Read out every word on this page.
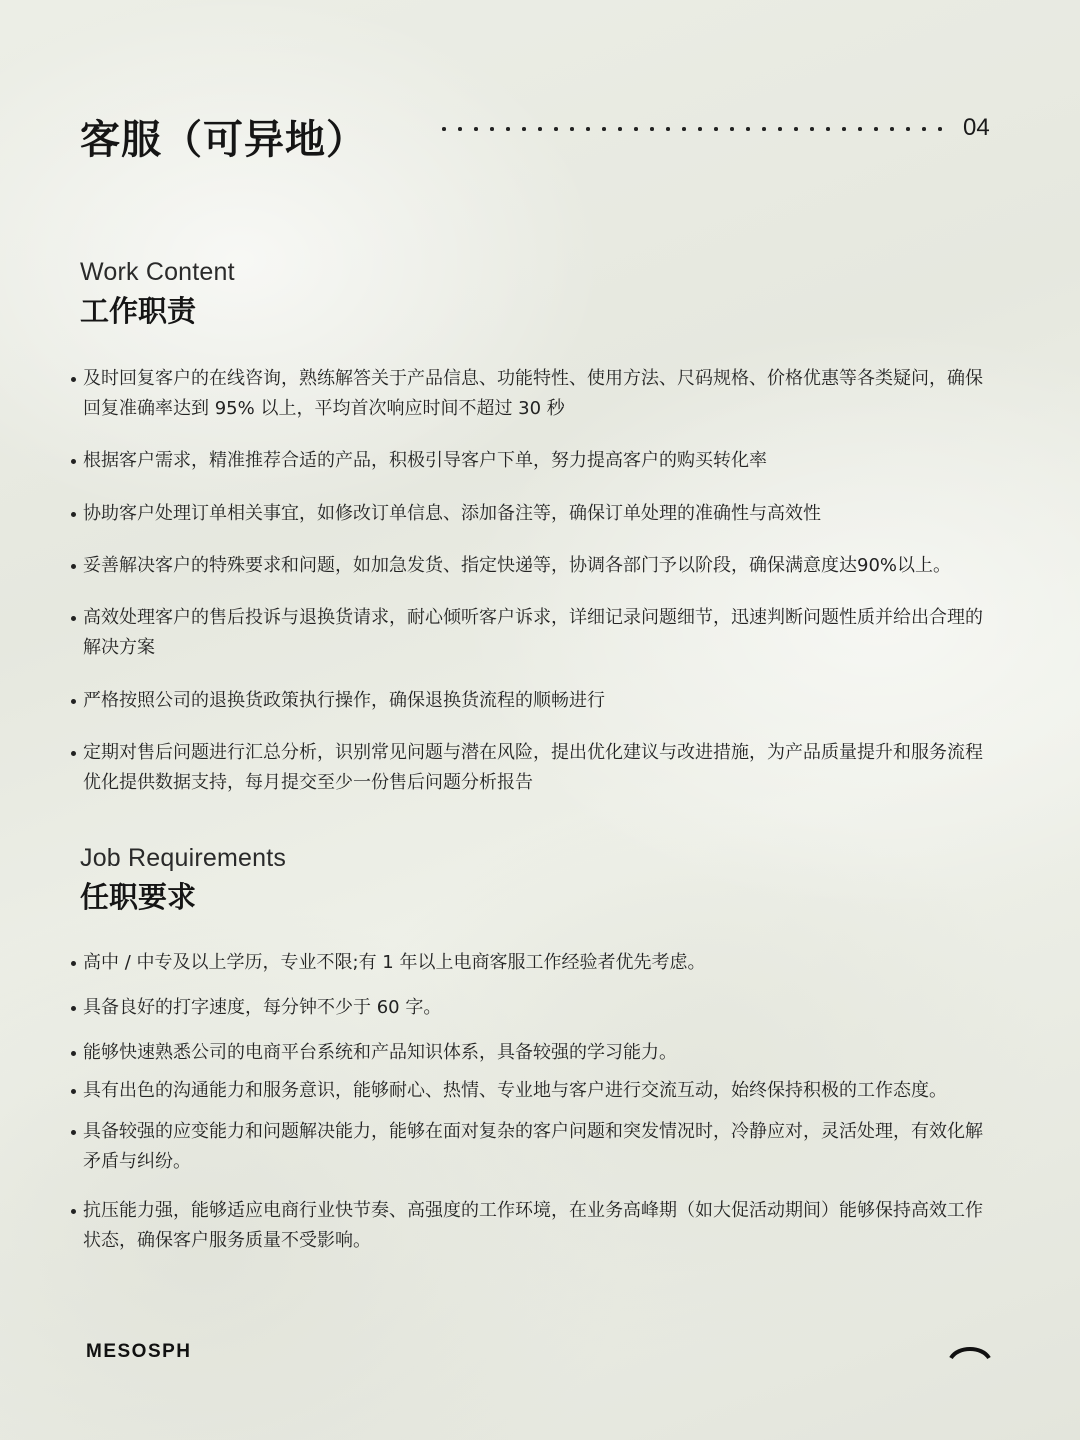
客服（可异地）	04
Work Content
工作职责
及时回复客户的在线咨询，熟练解答关于产品信息、功能特性、使用方法、尺码规格、价格优惠等各类疑问，确保回复准确率达到 95% 以上，平均首次响应时间不超过 30 秒
根据客户需求，精准推荐合适的产品，积极引导客户下单，努力提高客户的购买转化率
协助客户处理订单相关事宜，如修改订单信息、添加备注等，确保订单处理的准确性与高效性
妥善解决客户的特殊要求和问题，如加急发货、指定快递等，协调各部门予以阶段，确保满意度达90%以上。
高效处理客户的售后投诉与退换货请求，耐心倾听客户诉求，详细记录问题细节，迅速判断问题性质并给出合理的解决方案
严格按照公司的退换货政策执行操作，确保退换货流程的顺畅进行
定期对售后问题进行汇总分析，识别常见问题与潜在风险，提出优化建议与改进措施，为产品质量提升和服务流程优化提供数据支持，每月提交至少一份售后问题分析报告
Job Requirements
任职要求
高中 / 中专及以上学历，专业不限;有 1 年以上电商客服工作经验者优先考虑。
具备良好的打字速度，每分钟不少于 60 字。
能够快速熟悉公司的电商平台系统和产品知识体系，具备较强的学习能力。
具有出色的沟通能力和服务意识，能够耐心、热情、专业地与客户进行交流互动，始终保持积极的工作态度。
具备较强的应变能力和问题解决能力，能够在面对复杂的客户问题和突发情况时，冷静应对，灵活处理，有效化解矛盾与纠纷。
抗压能力强，能够适应电商行业快节奏、高强度的工作环境，在业务高峰期（如大促活动期间）能够保持高效工作状态，确保客户服务质量不受影响。
MESOSPH
